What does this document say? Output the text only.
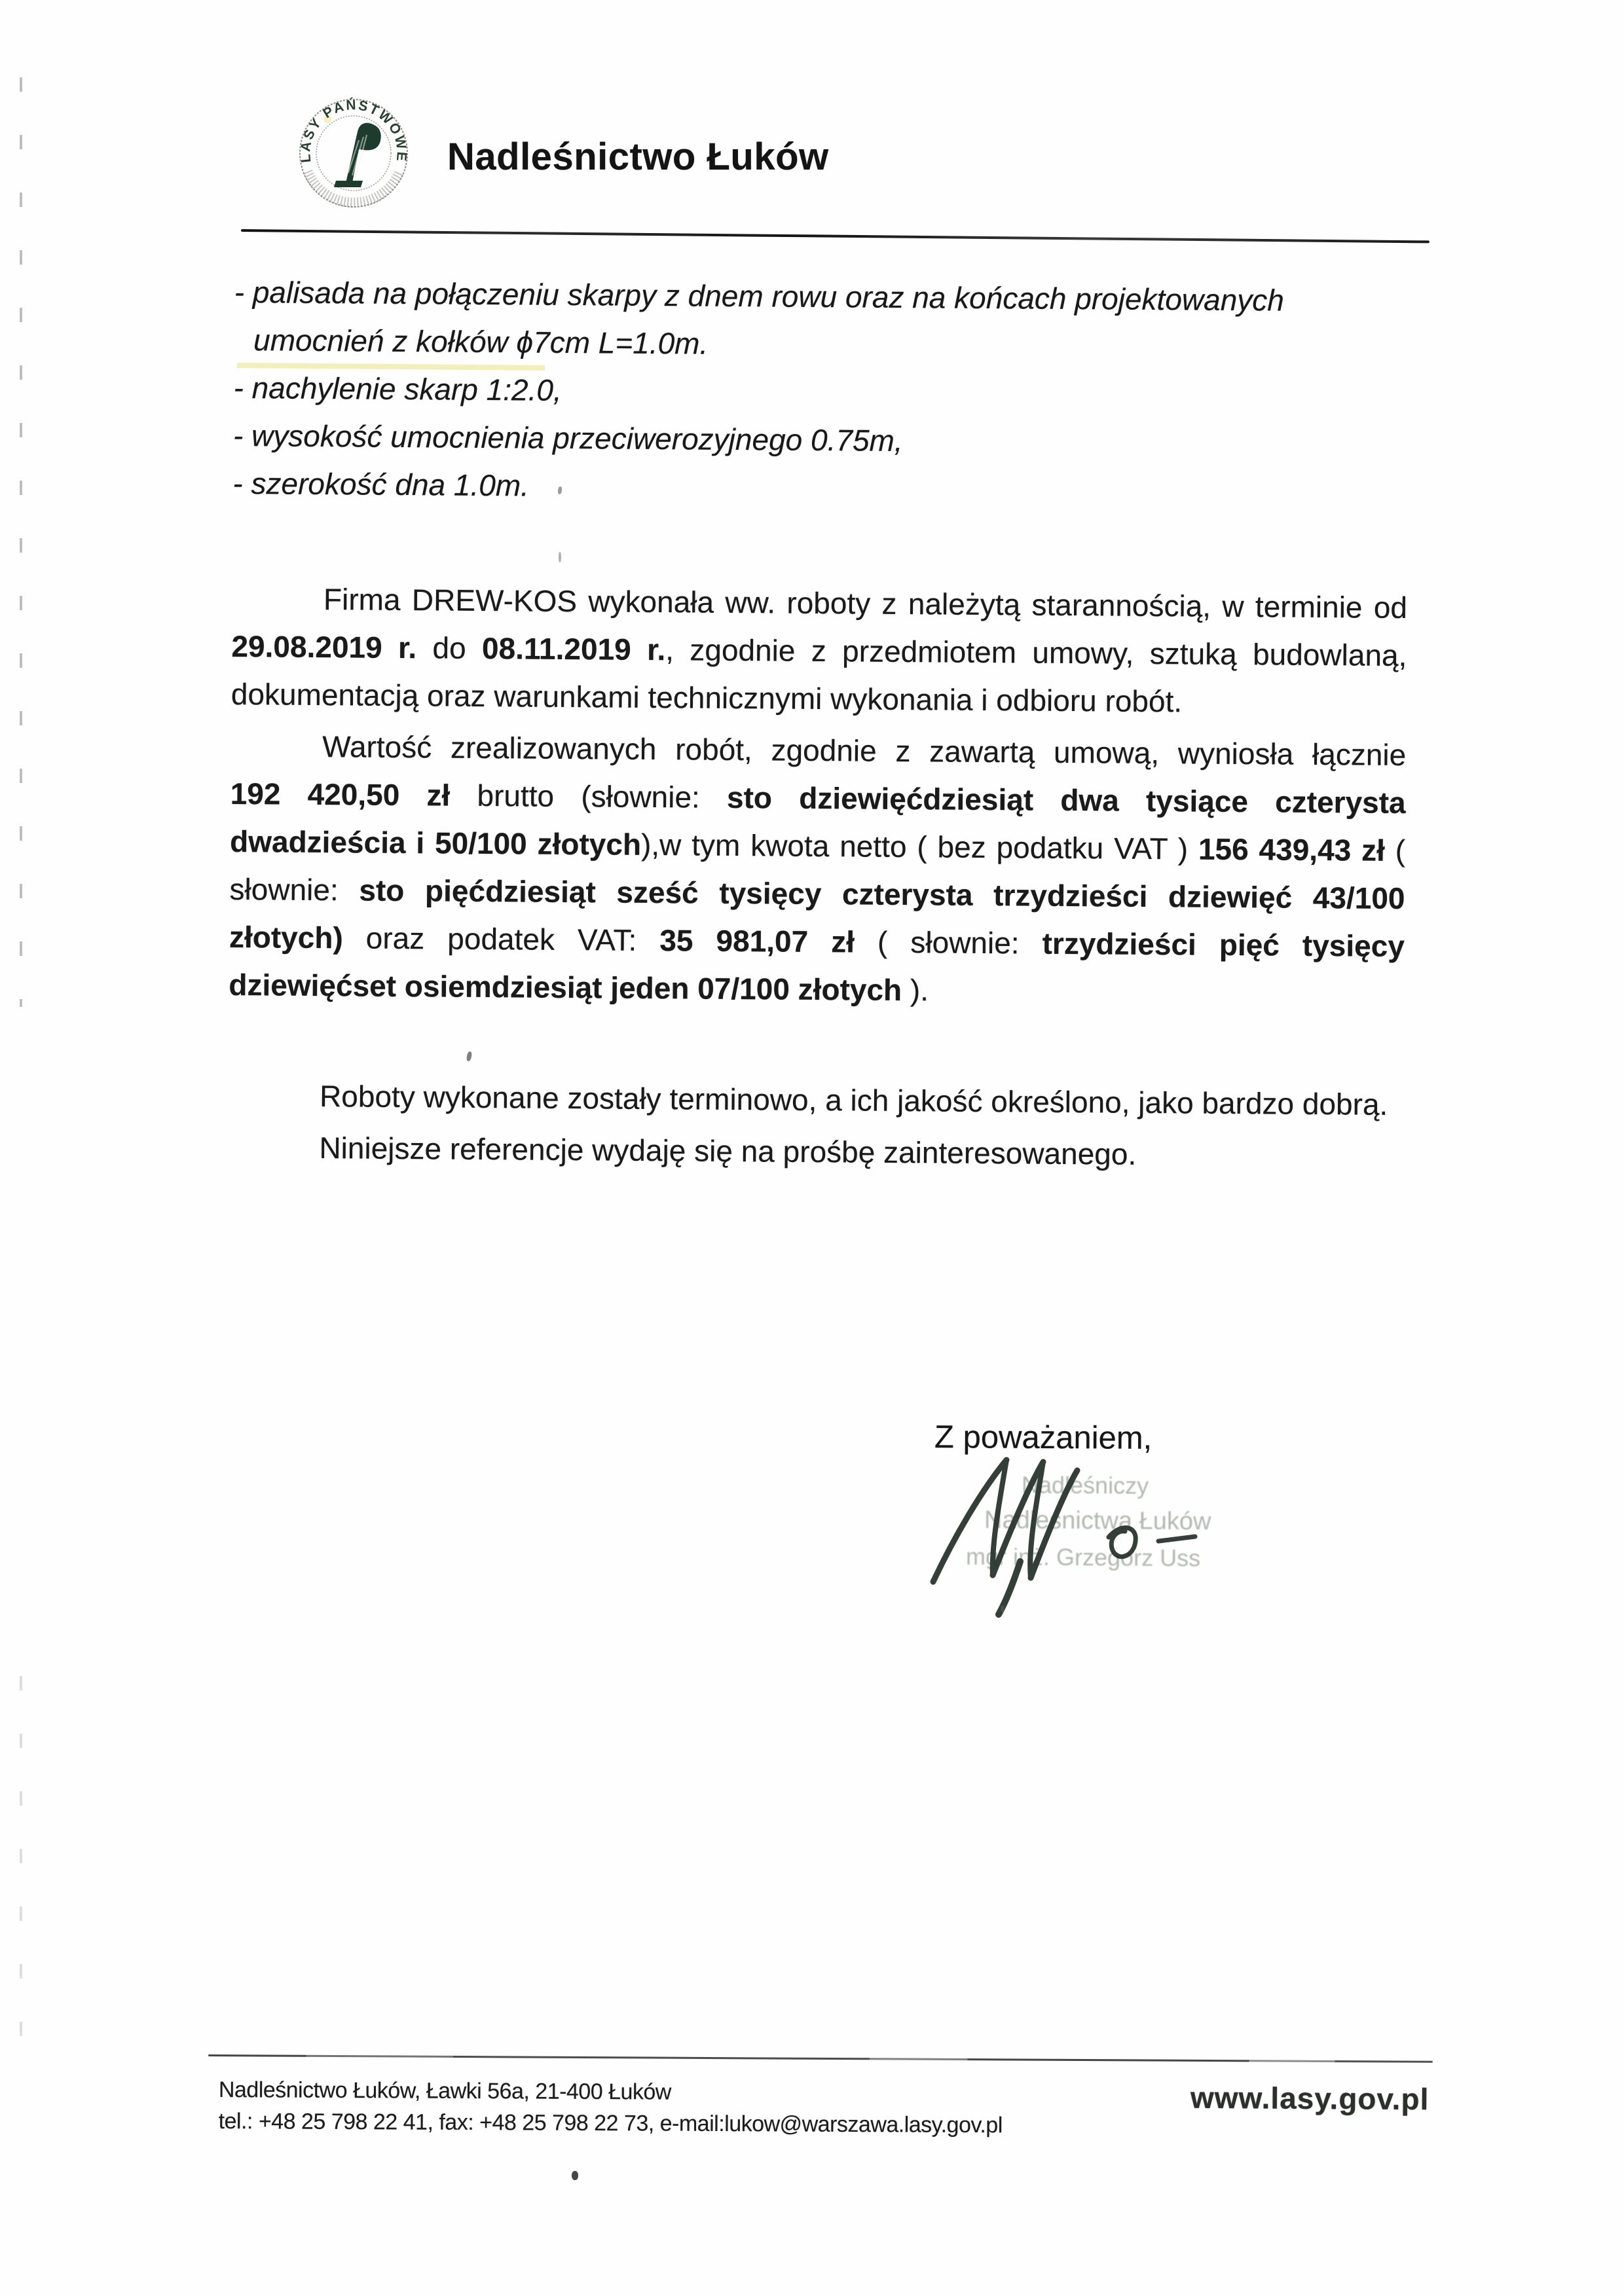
LASY PAŃSTWOWE Nadleśnictwo Łuków
- palisada na połączeniu skarpy z dnem rowu oraz na końcach projektowanych umocnień z kołków ϕ7cm L=1.0m.
- nachylenie skarp 1:2.0,
- wysokość umocnienia przeciwerozyjnego 0.75m,
- szerokość dna 1.0m.

Firma DREW-KOS wykonała ww. roboty z należytą starannością, w terminie od 29.08.2019 r. do 08.11.2019 r., zgodnie z przedmiotem umowy, sztuką budowlaną, dokumentacją oraz warunkami technicznymi wykonania i odbioru robót.

Wartość zrealizowanych robót, zgodnie z zawartą umową, wyniosła łącznie 192 420,50 zł brutto (słownie: sto dziewięćdziesiąt dwa tysiące czterysta dwadzieścia i 50/100 złotych),w tym kwota netto ( bez podatku VAT ) 156 439,43 zł ( słownie: sto pięćdziesiąt sześć tysięcy czterysta trzydzieści dziewięć 43/100 złotych) oraz podatek VAT: 35 981,07 zł ( słownie: trzydzieści pięć tysięcy dziewięćset osiemdziesiąt jeden 07/100 złotych ).

Roboty wykonane zostały terminowo, a ich jakość określono, jako bardzo dobrą.

Niniejsze referencje wydaję się na prośbę zainteresowanego.

Z poważaniem,
Nadleśniczy
Nadleśnictwa Łuków
mgr inż. Grzegorz Uss
Nadleśnictwo Łuków, Ławki 56a, 21-400 Łuków
tel.: +48 25 798 22 41, fax: +48 25 798 22 73, e-mail:lukow@warszawa.lasy.gov.pl
www.lasy.gov.pl
